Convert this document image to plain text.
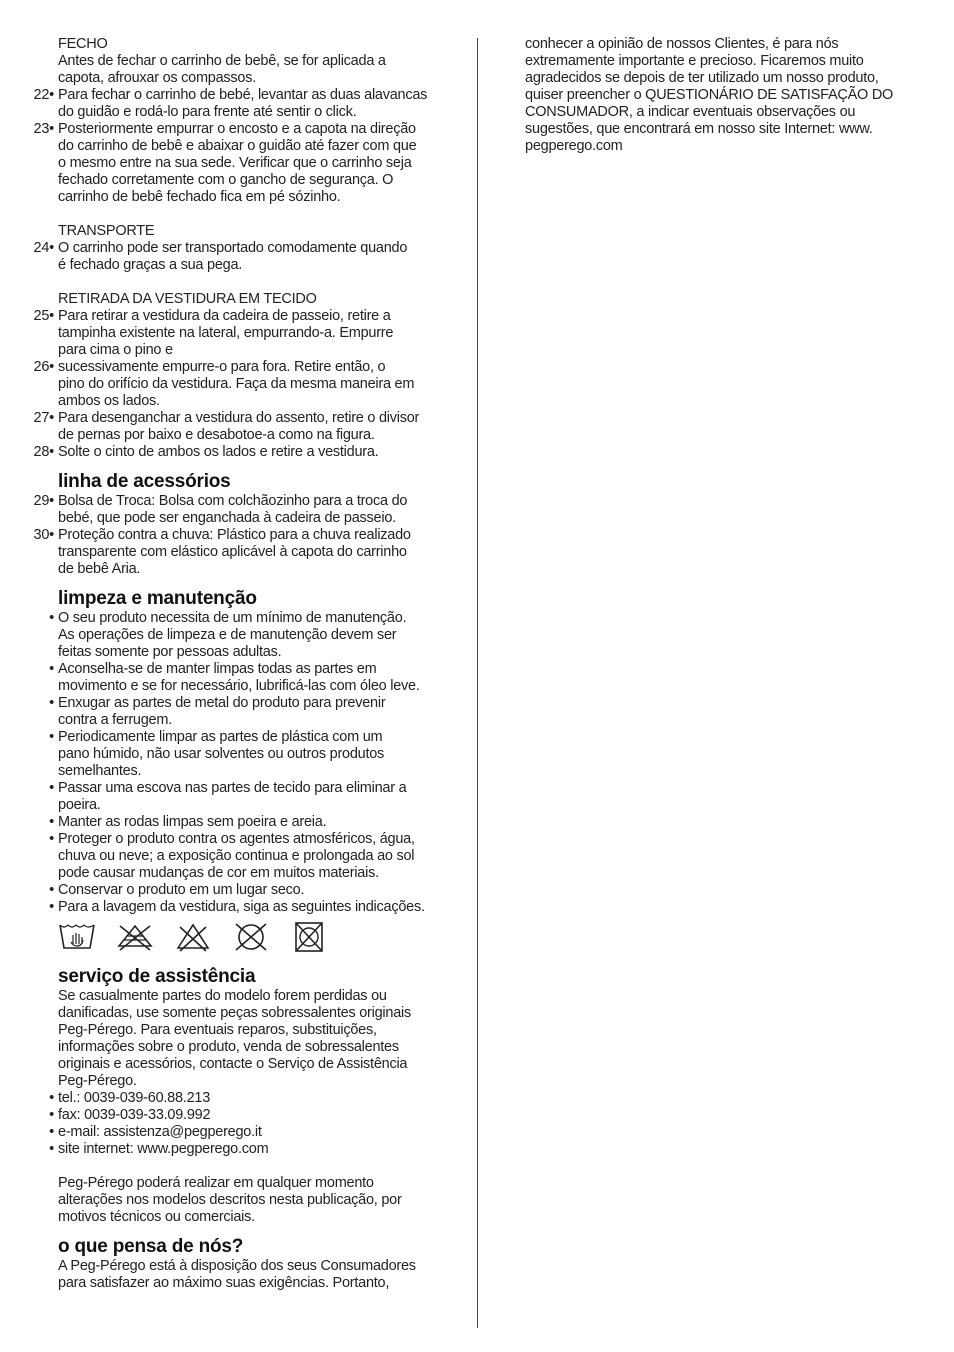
FECHO
Antes de fechar o carrinho de bebê, se for aplicada a
capota, afrouxar os compassos.
22• Para fechar o carrinho de bebé, levantar as duas alavancas
do guidão e rodá-lo para frente até sentir o click.
23• Posteriormente empurrar o encosto e a capota na direção
do carrinho de bebê e abaixar o guidão até fazer com que
o mesmo entre na sua sede. Verificar que o carrinho seja
fechado corretamente com o gancho de segurança. O
carrinho de bebê fechado fica em pé sózinho.
TRANSPORTE
24• O carrinho pode ser transportado comodamente quando
é fechado graças a sua pega.
RETIRADA DA VESTIDURA EM TECIDO
25• Para retirar a vestidura da cadeira de passeio, retire a
tampinha existente na lateral, empurrando-a. Empurre
para cima o pino e
26• sucessivamente empurre-o para fora. Retire então, o
pino do orifício da vestidura. Faça da mesma maneira em
ambos os lados.
27• Para desenganchar a vestidura do assento, retire o divisor
de pernas por baixo e desabotoe-a como na figura.
28• Solte o cinto de ambos os lados e retire a vestidura.
linha de acessórios
29• Bolsa de Troca: Bolsa com colchãozinho para a troca do
bebé, que pode ser enganchada à cadeira de passeio.
30• Proteção contra a chuva: Plástico para a chuva realizado
transparente com elástico aplicável à capota do carrinho
de bebê Aria.
limpeza e manutenção
• O seu produto necessita de um mínimo de manutenção.
As operações de limpeza e de manutenção devem ser
feitas somente por pessoas adultas.
• Aconselha-se de manter limpas todas as partes em
movimento e se for necessário, lubrificá-las com óleo leve.
• Enxugar as partes de metal do produto para prevenir
contra a ferrugem.
• Periodicamente limpar as partes de plástica com um
pano húmido, não usar solventes ou outros produtos
semelhantes.
• Passar uma escova nas partes de tecido para eliminar a
poeira.
• Manter as rodas limpas sem poeira e areia.
• Proteger o produto contra os agentes atmosféricos, água,
chuva ou neve; a exposição continua e prolongada ao sol
pode causar mudanças de cor em muitos materiais.
• Conservar o produto em um lugar seco.
• Para a lavagem da vestidura, siga as seguintes indicações.
serviço de assistência
Se casualmente partes do modelo forem perdidas ou
danificadas, use somente peças sobressalentes originais
Peg-Pérego. Para eventuais reparos, substituições,
informações sobre o produto, venda de sobressalentes
originais e acessórios, contacte o Serviço de Assistência
Peg-Pérego.
• tel.: 0039-039-60.88.213
• fax: 0039-039-33.09.992
• e-mail: assistenza@pegperego.it
• site internet: www.pegperego.com
Peg-Pérego poderá realizar em qualquer momento
alterações nos modelos descritos nesta publicação, por
motivos técnicos ou comerciais.
o que pensa de nós?
A Peg-Pérego está à disposição dos seus Consumadores
para satisfazer ao máximo suas exigências. Portanto,
conhecer a opinião de nossos Clientes, é para nós
extremamente importante e precioso. Ficaremos muito
agradecidos se depois de ter utilizado um nosso produto,
quiser preencher o QUESTIONÁRIO DE SATISFAÇÃO DO
CONSUMADOR, a indicar eventuais observações ou
sugestões, que encontrará em nosso site Internet: www.
pegperego.com
